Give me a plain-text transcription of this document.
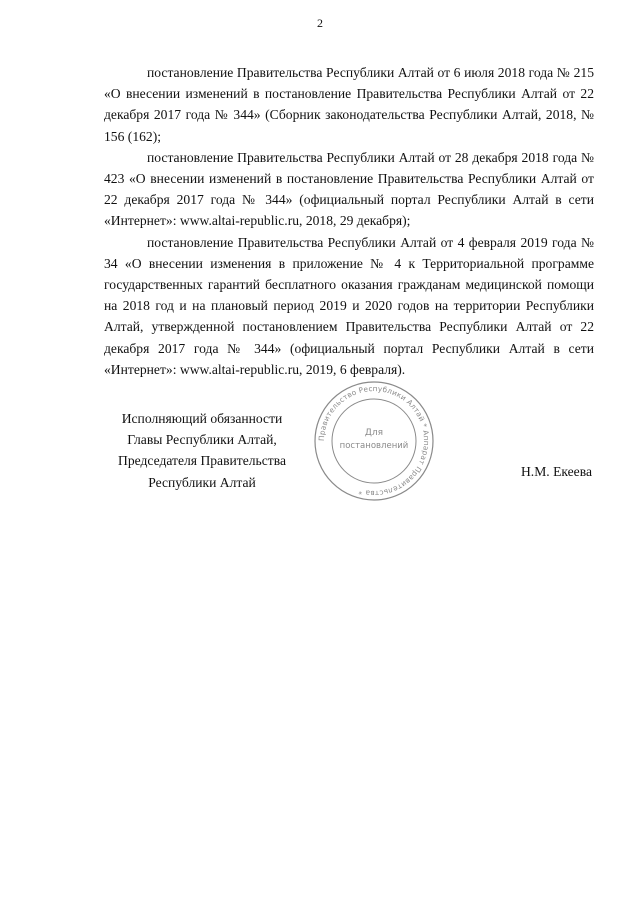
2

постановление Правительства Республики Алтай от 6 июля 2018 года № 215 «О внесении изменений в постановление Правительства Республики Алтай от 22 декабря 2017 года № 344» (Сборник законодательства Республики Алтай, 2018, № 156 (162);

постановление Правительства Республики Алтай от 28 декабря 2018 года № 423 «О внесении изменений в постановление Правительства Республики Алтай от 22 декабря 2017 года № 344» (официальный портал Республики Алтай в сети «Интернет»: www.altai-republic.ru, 2018, 29 декабря);

постановление Правительства Республики Алтай от 4 февраля 2019 года № 34 «О внесении изменения в приложение № 4 к Территориальной программе государственных гарантий бесплатного оказания гражданам медицинской помощи на 2018 год и на плановый период 2019 и 2020 годов на территории Республики Алтай, утвержденной постановлением Правительства Республики Алтай от 22 декабря 2017 года № 344» (официальный портал Республики Алтай в сети «Интернет»: www.altai-republic.ru, 2019, 6 февраля).

Исполняющий обязанности
Главы Республики Алтай,
Председателя Правительства
Республики Алтай
Н.М. Екеева
Правительство Республики Алтай * Аппарат Правительства *
Для
постановлений
